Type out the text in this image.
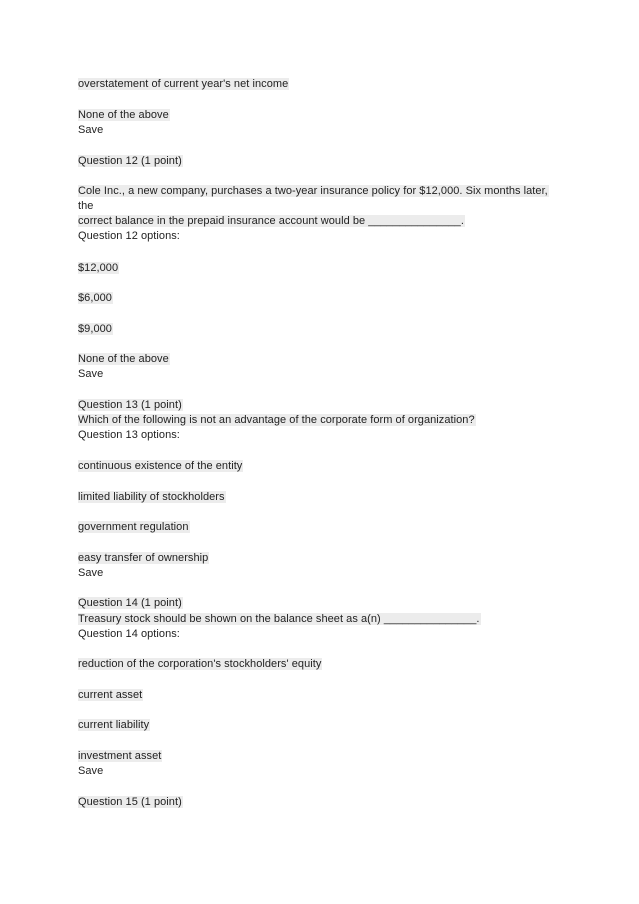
overstatement of current year's net income
None of the above
Save
Question 12 (1 point)
Cole Inc., a new company, purchases a two-year insurance policy for $12,000. Six months later,
the
correct balance in the prepaid insurance account would be _______________.
Question 12 options:
$12,000
$6,000
$9,000
None of the above
Save
Question 13 (1 point)
Which of the following is not an advantage of the corporate form of organization?
Question 13 options:
continuous existence of the entity
limited liability of stockholders
government regulation
easy transfer of ownership
Save
Question 14 (1 point)
Treasury stock should be shown on the balance sheet as a(n) _______________.
Question 14 options:
reduction of the corporation's stockholders' equity
current asset
current liability
investment asset
Save
Question 15 (1 point)
